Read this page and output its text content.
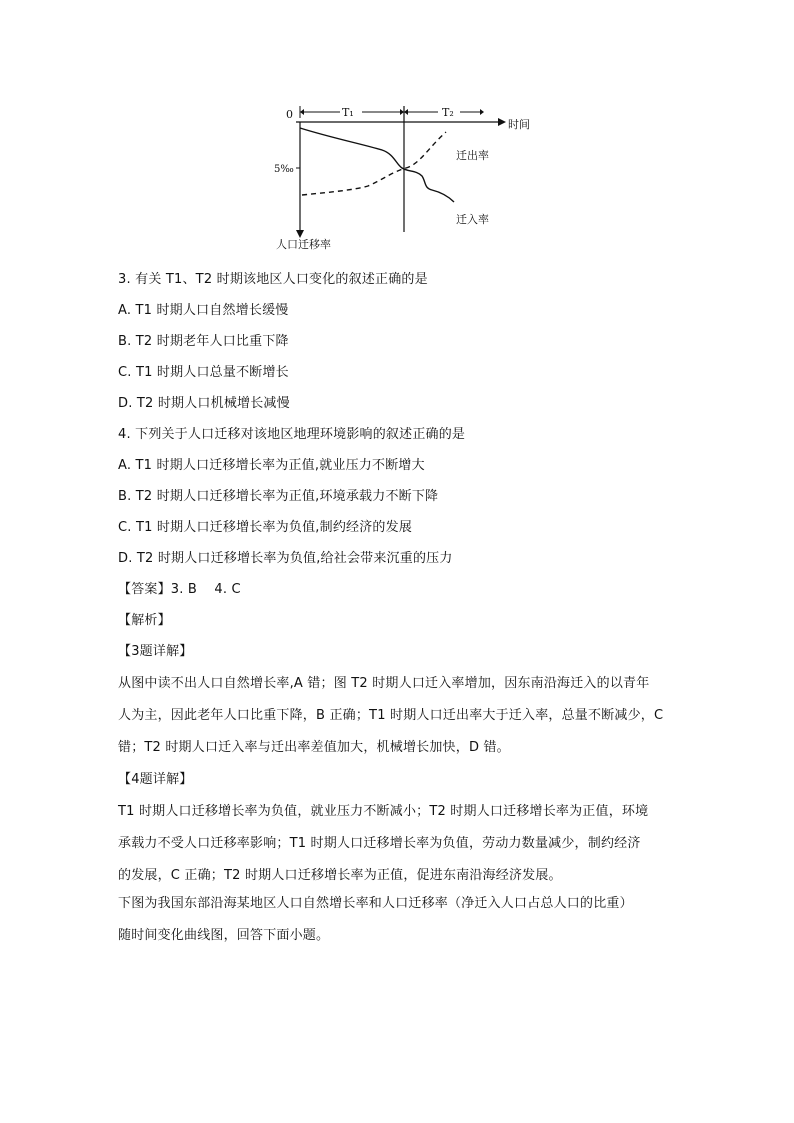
0	T₁	T₂
时间
5‰
迁出率
迁入率
人口迁移率
3. 有关 T1、T2 时期该地区人口变化的叙述正确的是
A. T1 时期人口自然增长缓慢
B. T2 时期老年人口比重下降
C. T1 时期人口总量不断增长
D. T2 时期人口机械增长减慢
4. 下列关于人口迁移对该地区地理环境影响的叙述正确的是
A. T1 时期人口迁移增长率为正值,就业压力不断增大
B. T2 时期人口迁移增长率为正值,环境承载力不断下降
C. T1 时期人口迁移增长率为负值,制约经济的发展
D. T2 时期人口迁移增长率为负值,给社会带来沉重的压力
【答案】3. B    4. C
【解析】
【3题详解】
从图中读不出人口自然增长率,A 错；图 T2 时期人口迁入率增加，因东南沿海迁入的以青年
人为主，因此老年人口比重下降，B 正确；T1 时期人口迁出率大于迁入率，总量不断减少，C
错；T2 时期人口迁入率与迁出率差值加大，机械增长加快，D 错。
【4题详解】
T1 时期人口迁移增长率为负值，就业压力不断减小；T2 时期人口迁移增长率为正值，环境
承载力不受人口迁移率影响；T1 时期人口迁移增长率为负值，劳动力数量减少，制约经济
的发展，C 正确；T2 时期人口迁移增长率为正值，促进东南沿海经济发展。
下图为我国东部沿海某地区人口自然增长率和人口迁移率（净迁入人口占总人口的比重）
随时间变化曲线图，回答下面小题。
